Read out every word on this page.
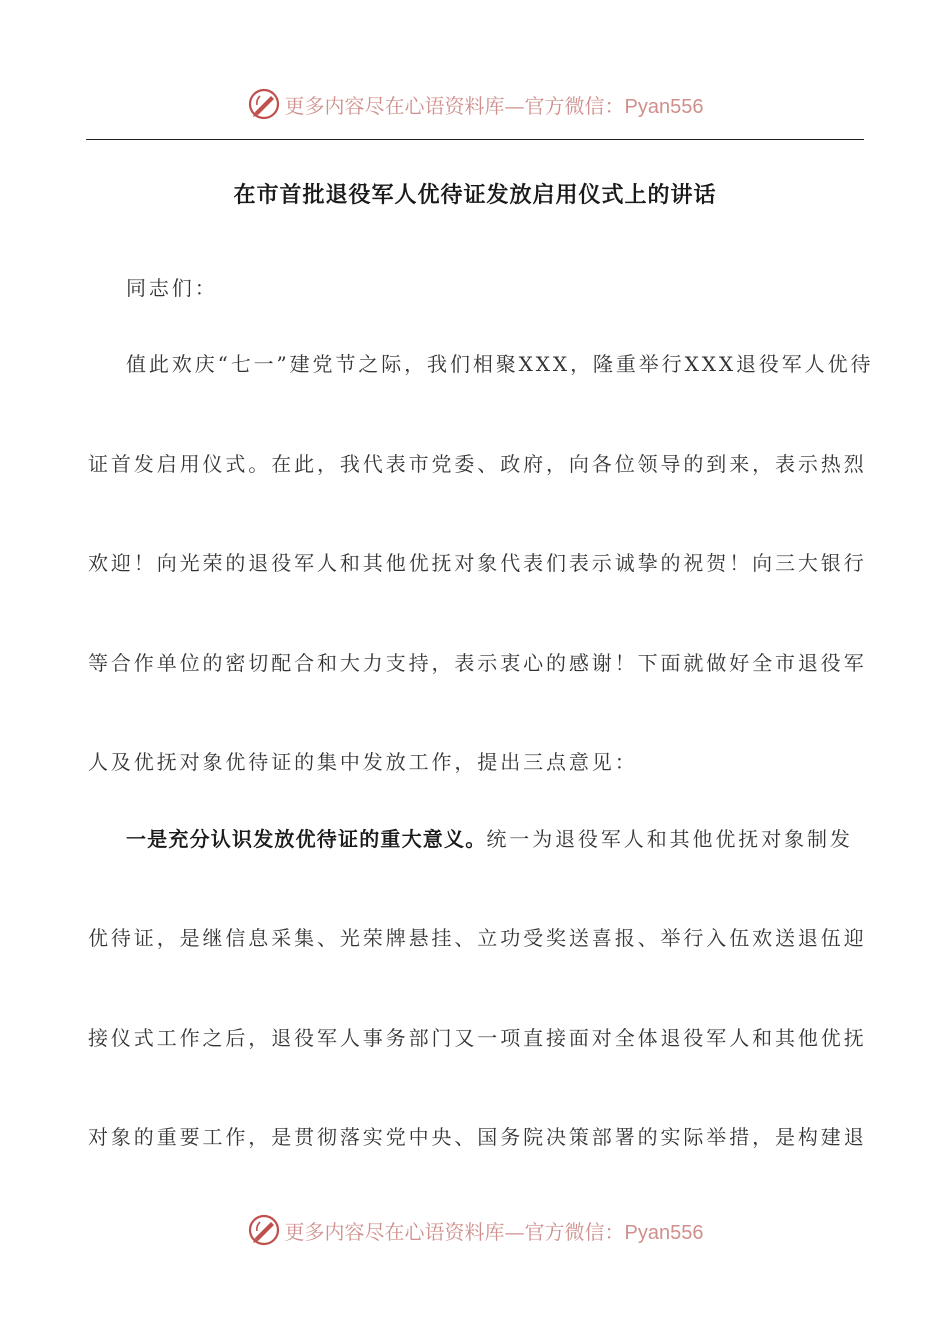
更多内容尽在心语资料库—官方微信：Pyan556
在市首批退役军人优待证发放启用仪式上的讲话
同志们：
值此欢庆“七一”建党节之际，我们相聚XXX，隆重举行XXX退役军人优待
证首发启用仪式。在此，我代表市党委、政府，向各位领导的到来，表示热烈
欢迎！向光荣的退役军人和其他优抚对象代表们表示诚挚的祝贺！向三大银行
等合作单位的密切配合和大力支持，表示衷心的感谢！下面就做好全市退役军
人及优抚对象优待证的集中发放工作，提出三点意见：
一是充分认识发放优待证的重大意义。统一为退役军人和其他优抚对象制发
优待证，是继信息采集、光荣牌悬挂、立功受奖送喜报、举行入伍欢送退伍迎
接仪式工作之后，退役军人事务部门又一项直接面对全体退役军人和其他优抚
对象的重要工作，是贯彻落实党中央、国务院决策部署的实际举措，是构建退
更多内容尽在心语资料库—官方微信：Pyan556
